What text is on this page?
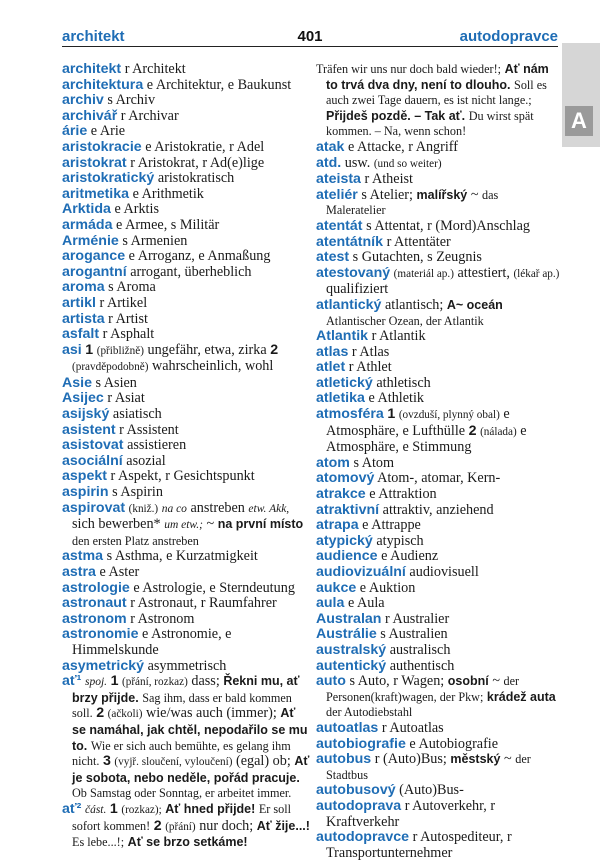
architekt	401	autodopravce
A

architekt r Architekt

architektura e Architektur, e Baukunst

archiv s Archiv

archivář r Archivar

árie e Arie

aristokracie e Aristokratie, r Adel

aristokrat r Aristokrat, r Ad(e)lige

aristokratický aristokratisch

aritmetika e Arithmetik

Arktida e Arktis

armáda e Armee, s Militär

Arménie s Armenien

arogance e Arroganz, e Anmaßung

arogantní arrogant, überheblich

aroma s Aroma

artikl r Artikel

artista r Artist

asfalt r Asphalt

asi 1 (přibližně) ungefähr, etwa, zirka 2 (pravděpodobně) wahrscheinlich, wohl

Asie s Asien

Asijec r Asiat

asijský asiatisch

asistent r Assistent

asistovat assistieren

asociální asozial

aspekt r Aspekt, r Gesichtspunkt

aspirin s Aspirin

aspirovat (kniž.) na co anstreben etw. Akk, sich bewerben* um etw.; ~ na první místo den ersten Platz anstreben

astma s Asthma, e Kurzatmigkeit

astra e Aster

astrologie e Astrologie, e Sterndeutung

astronaut r Astronaut, r Raumfahrer

astronom r Astronom

astronomie e Astronomie, e Himmelskunde

asymetrický asymmetrisch

ať¹ spoj. 1 (přání, rozkaz) dass; Řekni mu, ať brzy přijde. Sag ihm, dass er bald kommen soll. 2 (ačkoli) wie/was auch (immer); Ať se namáhal, jak chtěl, nepodařilo se mu to. Wie er sich auch bemühte, es gelang ihm nicht. 3 (vyjř. sloučení, vyloučení) (egal) ob; Ať je sobota, nebo neděle, pořád pracuje. Ob Samstag oder Sonntag, er arbeitet immer.

ať² část. 1 (rozkaz); Ať hned přijde! Er soll sofort kommen! 2 (přání) nur doch; Ať žije...! Es lebe...!; Ať se brzo setkáme!

Träfen wir uns nur doch bald wieder!; Ať nám to trvá dva dny, není to dlouho. Soll es auch zwei Tage dauern, es ist nicht lange.; Přijdeš pozdě. – Tak ať. Du wirst spät kommen. – Na, wenn schon!

atak e Attacke, r Angriff

atd. usw. (und so weiter)

ateista r Atheist

ateliér s Atelier; malířský ~ das Maleratelier

atentát s Attentat, r (Mord)Anschlag

atentátník r Attentäter

atest s Gutachten, s Zeugnis

atestovaný (materiál ap.) attestiert, (lékař ap.) qualifiziert

atlantický atlantisch; A~ oceán Atlantischer Ozean, der Atlantik

Atlantik r Atlantik

atlas r Atlas

atlet r Athlet

atletický athletisch

atletika e Athletik

atmosféra 1 (ovzduší, plynný obal) e Atmosphäre, e Lufthülle 2 (nálada) e Atmosphäre, e Stimmung

atom s Atom

atomový Atom-, atomar, Kern-

atrakce e Attraktion

atraktivní attraktiv, anziehend

atrapa e Attrappe

atypický atypisch

audience e Audienz

audiovizuální audiovisuell

aukce e Auktion

aula e Aula

Australan r Australier

Austrálie s Australien

australský australisch

autentický authentisch

auto s Auto, r Wagen; osobní ~ der Personen(kraft)wagen, der Pkw; krádež auta der Autodiebstahl

autoatlas r Autoatlas

autobiografie e Autobiografie

autobus r (Auto)Bus; městský ~ der Stadtbus

autobusový (Auto)Bus-

autodoprava r Autoverkehr, r Kraftverkehr

autodopravce r Autospediteur, r Transportunternehmer
